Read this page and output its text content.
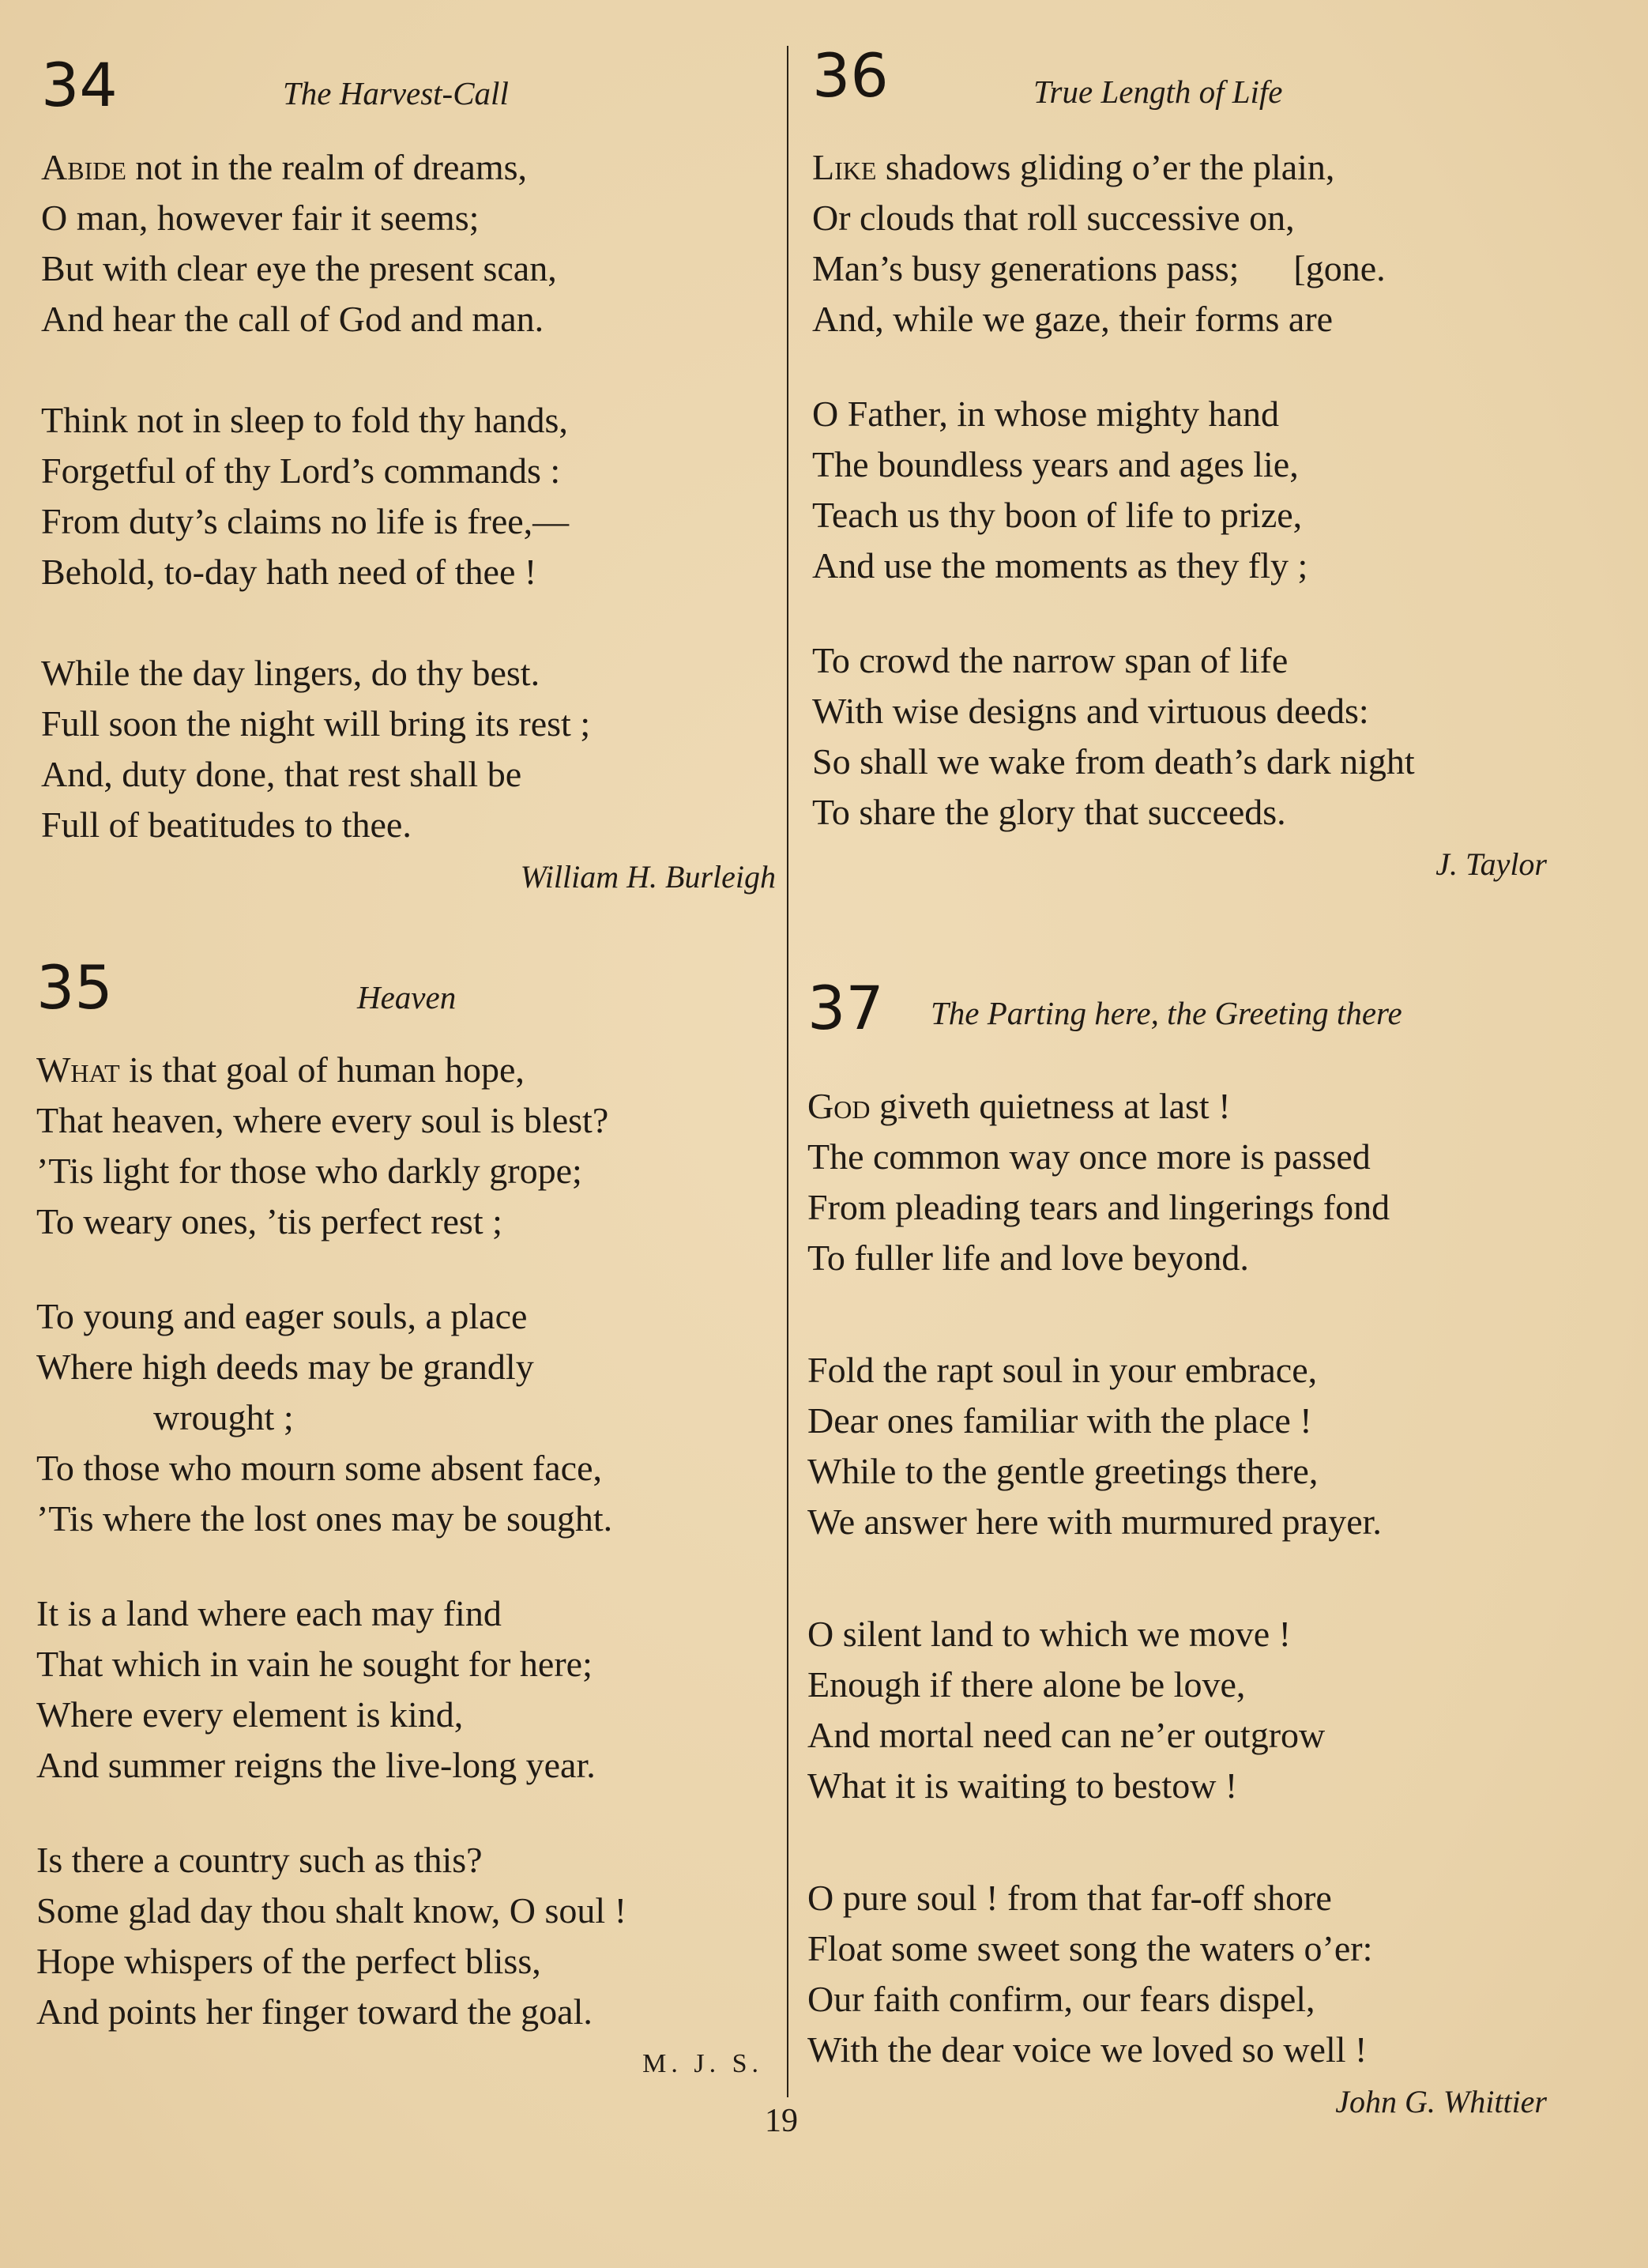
34	The Harvest-Call
Abide not in the realm of dreams,
O man, however fair it seems;
But with clear eye the present scan,
And hear the call of God and man.
Think not in sleep to fold thy hands,
Forgetful of thy Lord’s commands :
From duty’s claims no life is free,—
Behold, to-day hath need of thee !
While the day lingers, do thy best.
Full soon the night will bring its rest ;
And, duty done, that rest shall be
Full of beatitudes to thee.
William H. Burleigh
35	Heaven
What is that goal of human hope,
That heaven, where every soul is blest?
’Tis light for those who darkly grope;
To weary ones, ’tis perfect rest ;
To young and eager souls, a place
Where high deeds may be grandly
wrought ;
To those who mourn some absent face,
’Tis where the lost ones may be sought.
It is a land where each may find
That which in vain he sought for here;
Where every element is kind,
And summer reigns the live-long year.
Is there a country such as this?
Some glad day thou shalt know, O soul !
Hope whispers of the perfect bliss,
And points her finger toward the goal.
M. J. S.
36	True Length of Life
Like shadows gliding o’er the plain,
Or clouds that roll successive on,
Man’s busy generations pass;      [gone.
And, while we gaze, their forms are
O Father, in whose mighty hand
The boundless years and ages lie,
Teach us thy boon of life to prize,
And use the moments as they fly ;
To crowd the narrow span of life
With wise designs and virtuous deeds:
So shall we wake from death’s dark night
To share the glory that succeeds.
J. Taylor
37 The Parting here, the Greeting there
God giveth quietness at last !
The common way once more is passed
From pleading tears and lingerings fond
To fuller life and love beyond.
Fold the rapt soul in your embrace,
Dear ones familiar with the place !
While to the gentle greetings there,
We answer here with murmured prayer.
O silent land to which we move !
Enough if there alone be love,
And mortal need can ne’er outgrow
What it is waiting to bestow !
O pure soul ! from that far-off shore
Float some sweet song the waters o’er:
Our faith confirm, our fears dispel,
With the dear voice we loved so well !
John G. Whittier
19
